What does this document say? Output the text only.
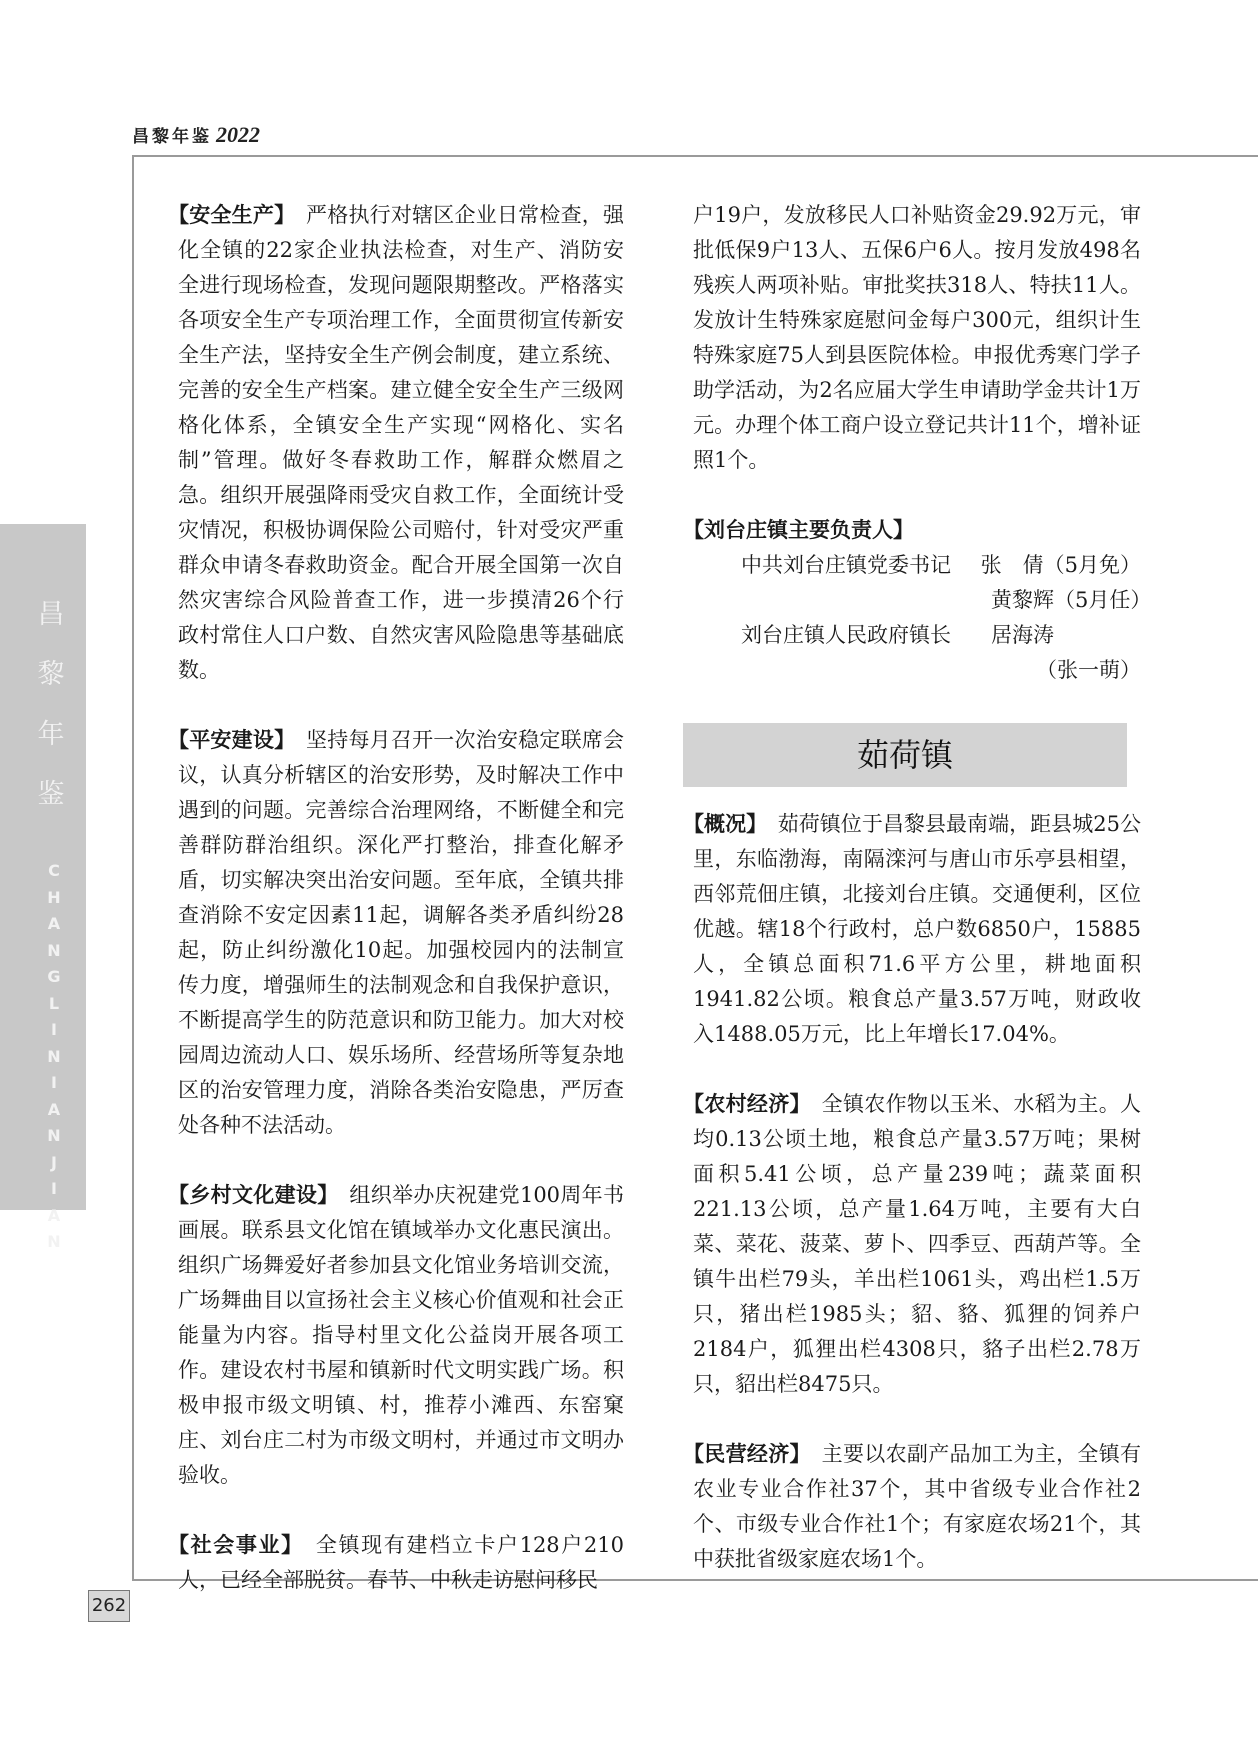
昌黎年鉴 2022
昌
黎
年
鉴
C
H
A
N
G
L
I
N
I
A
N
J
I
A
N

【安全生产】　 严格执行对辖区企业日常检查，强化全镇的22家企业执法检查，对生产、消防安全进行现场检查，发现问题限期整改。严格落实各项安全生产专项治理工作，全面贯彻宣传新安全生产法，坚持安全生产例会制度，建立系统、完善的安全生产档案。建立健全安全生产三级网格化体系，全镇安全生产实现“网格化、实名制”管理。做好冬春救助工作，解群众燃眉之急。组织开展强降雨受灾自救工作，全面统计受灾情况，积极协调保险公司赔付，针对受灾严重群众申请冬春救助资金。配合开展全国第一次自然灾害综合风险普查工作，进一步摸清26个行政村常住人口户数、自然灾害风险隐患等基础底数。

【平安建设】　 坚持每月召开一次治安稳定联席会议，认真分析辖区的治安形势，及时解决工作中遇到的问题。完善综合治理网络，不断健全和完善群防群治组织。深化严打整治，排查化解矛盾，切实解决突出治安问题。至年底，全镇共排查消除不安定因素11起，调解各类矛盾纠纷28起，防止纠纷激化10起。加强校园内的法制宣传力度，增强师生的法制观念和自我保护意识，不断提高学生的防范意识和防卫能力。加大对校园周边流动人口、娱乐场所、经营场所等复杂地区的治安管理力度，消除各类治安隐患，严厉查处各种不法活动。

【乡村文化建设】　 组织举办庆祝建党100周年书画展。联系县文化馆在镇域举办文化惠民演出。组织广场舞爱好者参加县文化馆业务培训交流，广场舞曲目以宣扬社会主义核心价值观和社会正能量为内容。指导村里文化公益岗开展各项工作。建设农村书屋和镇新时代文明实践广场。积极申报市级文明镇、村，推荐小滩西、东窑窠庄、刘台庄二村为市级文明村，并通过市文明办验收。

【社会事业】　 全镇现有建档立卡户128户210人，已经全部脱贫。春节、中秋走访慰问移民

户19户，发放移民人口补贴资金29.92万元，审批低保9户13人、五保6户6人。按月发放498名残疾人两项补贴。审批奖扶318人、特扶11人。发放计生特殊家庭慰问金每户300元，组织计生特殊家庭75人到县医院体检。申报优秀寒门学子助学活动，为2名应届大学生申请助学金共计1万元。办理个体工商户设立登记共计11个，增补证照1个。

【刘台庄镇主要负责人】

中共刘台庄镇党委书记	张　倩（5月免）
黄黎辉（5月任）
刘台庄镇人民政府镇长	居海涛

（张一萌）

茹荷镇

【概况】　 茹荷镇位于昌黎县最南端，距县城25公里，东临渤海，南隔滦河与唐山市乐亭县相望，西邻荒佃庄镇，北接刘台庄镇。交通便利，区位优越。辖18个行政村，总户数6850户，15885人，全镇总面积71.6平方公里，耕地面积1941.82公顷。粮食总产量3.57万吨，财政收入1488.05万元，比上年增长17.04%。

【农村经济】　 全镇农作物以玉米、水稻为主。人均0.13公顷土地，粮食总产量3.57万吨；果树面积5.41公顷，总产量239吨；蔬菜面积221.13公顷，总产量1.64万吨，主要有大白菜、菜花、菠菜、萝卜、四季豆、西葫芦等。全镇牛出栏79头，羊出栏1061头，鸡出栏1.5万只，猪出栏1985头；貂、貉、狐狸的饲养户2184户，狐狸出栏4308只，貉子出栏2.78万只，貂出栏8475只。

【民营经济】　 主要以农副产品加工为主，全镇有农业专业合作社37个，其中省级专业合作社2个、市级专业合作社1个；有家庭农场21个，其中获批省级家庭农场1个。

262
